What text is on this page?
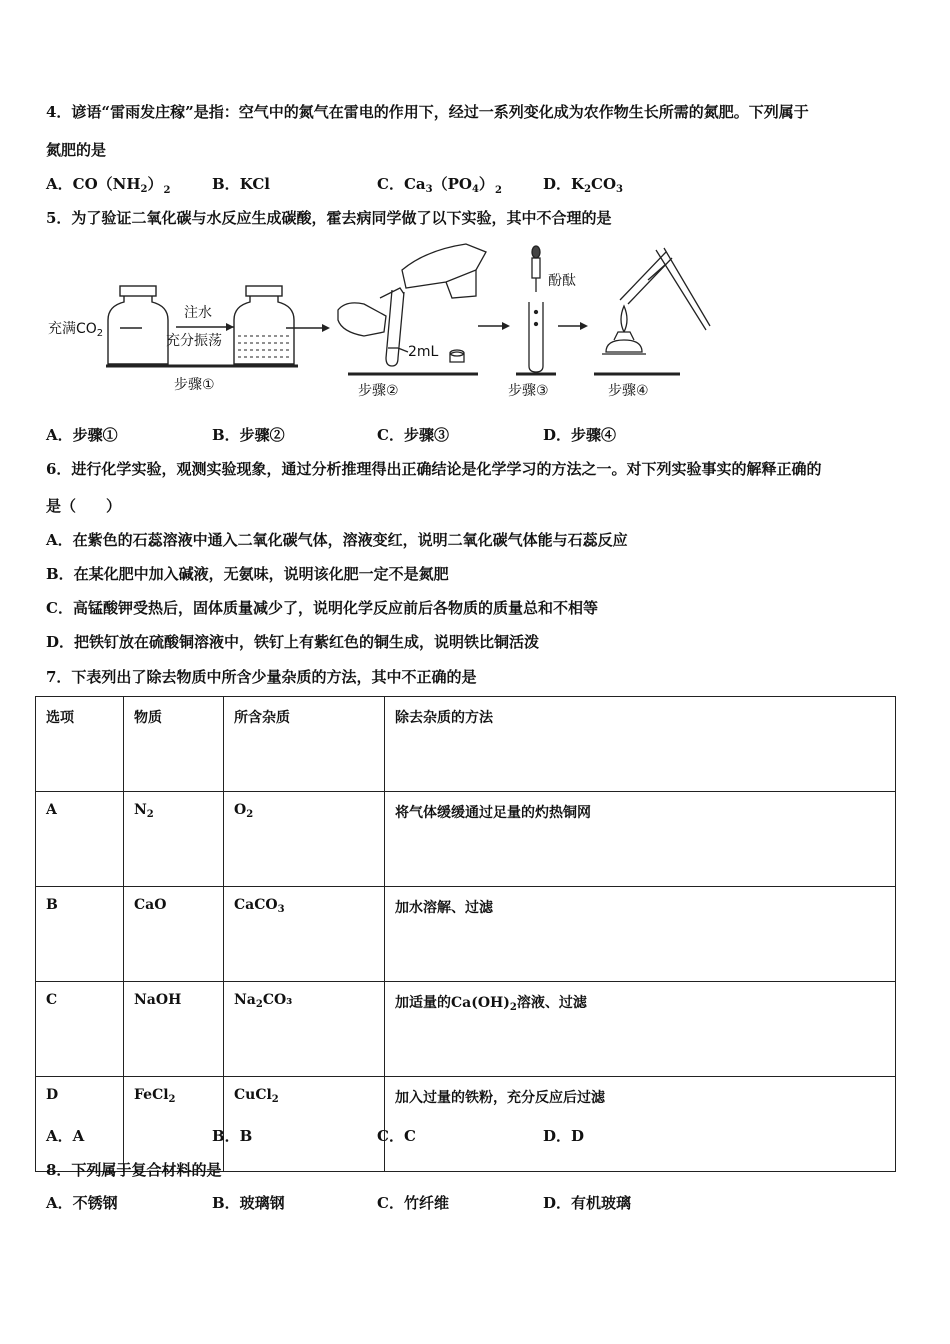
4．谚语“雷雨发庄稼”是指：空气中的氮气在雷电的作用下，经过一系列变化成为农作物生长所需的氮肥。下列属于
氮肥的是
A．$CO(NH_2)_2$	B．KCl	C．$Ca_3(PO_4)_2$	D．$K_2CO_3$
5．为了验证二氧化碳与水反应生成碳酸，霍去病同学做了以下实验，其中不合理的是
充满$CO_2$
注水
充分振荡
2mL
酚酞
步骤①	步骤②	步骤③	步骤④
A．步骤①	B．步骤②	C．步骤③	D．步骤④
6．进行化学实验，观测实验现象，通过分析推理得出正确结论是化学学习的方法之一。对下列实验事实的解释正确的
是（　　）
A．在紫色的石蕊溶液中通入二氧化碳气体，溶液变红，说明二氧化碳气体能与石蕊反应
B．在某化肥中加入碱液，无氨味，说明该化肥一定不是氮肥
C．高锰酸钾受热后，固体质量减少了，说明化学反应前后各物质的质量总和不相等
D．把铁钉放在硫酸铜溶液中，铁钉上有紫红色的铜生成，说明铁比铜活泼
7．下表列出了除去物质中所含少量杂质的方法，其中不正确的是
选项	物质	所含杂质	除去杂质的方法
A	$N_2$	$O_2$	将气体缓缓通过足量的灼热铜网
B	CaO	CaCO$_3$	加水溶解、过滤
C	NaOH	$Na_2CO_3$	加适量的$Ca(OH)_2$溶液、过滤
D	FeCl$_2$	CuCl$_2$	加入过量的铁粉，充分反应后过滤
A．A	B．B	C．C	D．D
8．下列属于复合材料的是
A．不锈钢	B．玻璃钢	C．竹纤维	D．有机玻璃
